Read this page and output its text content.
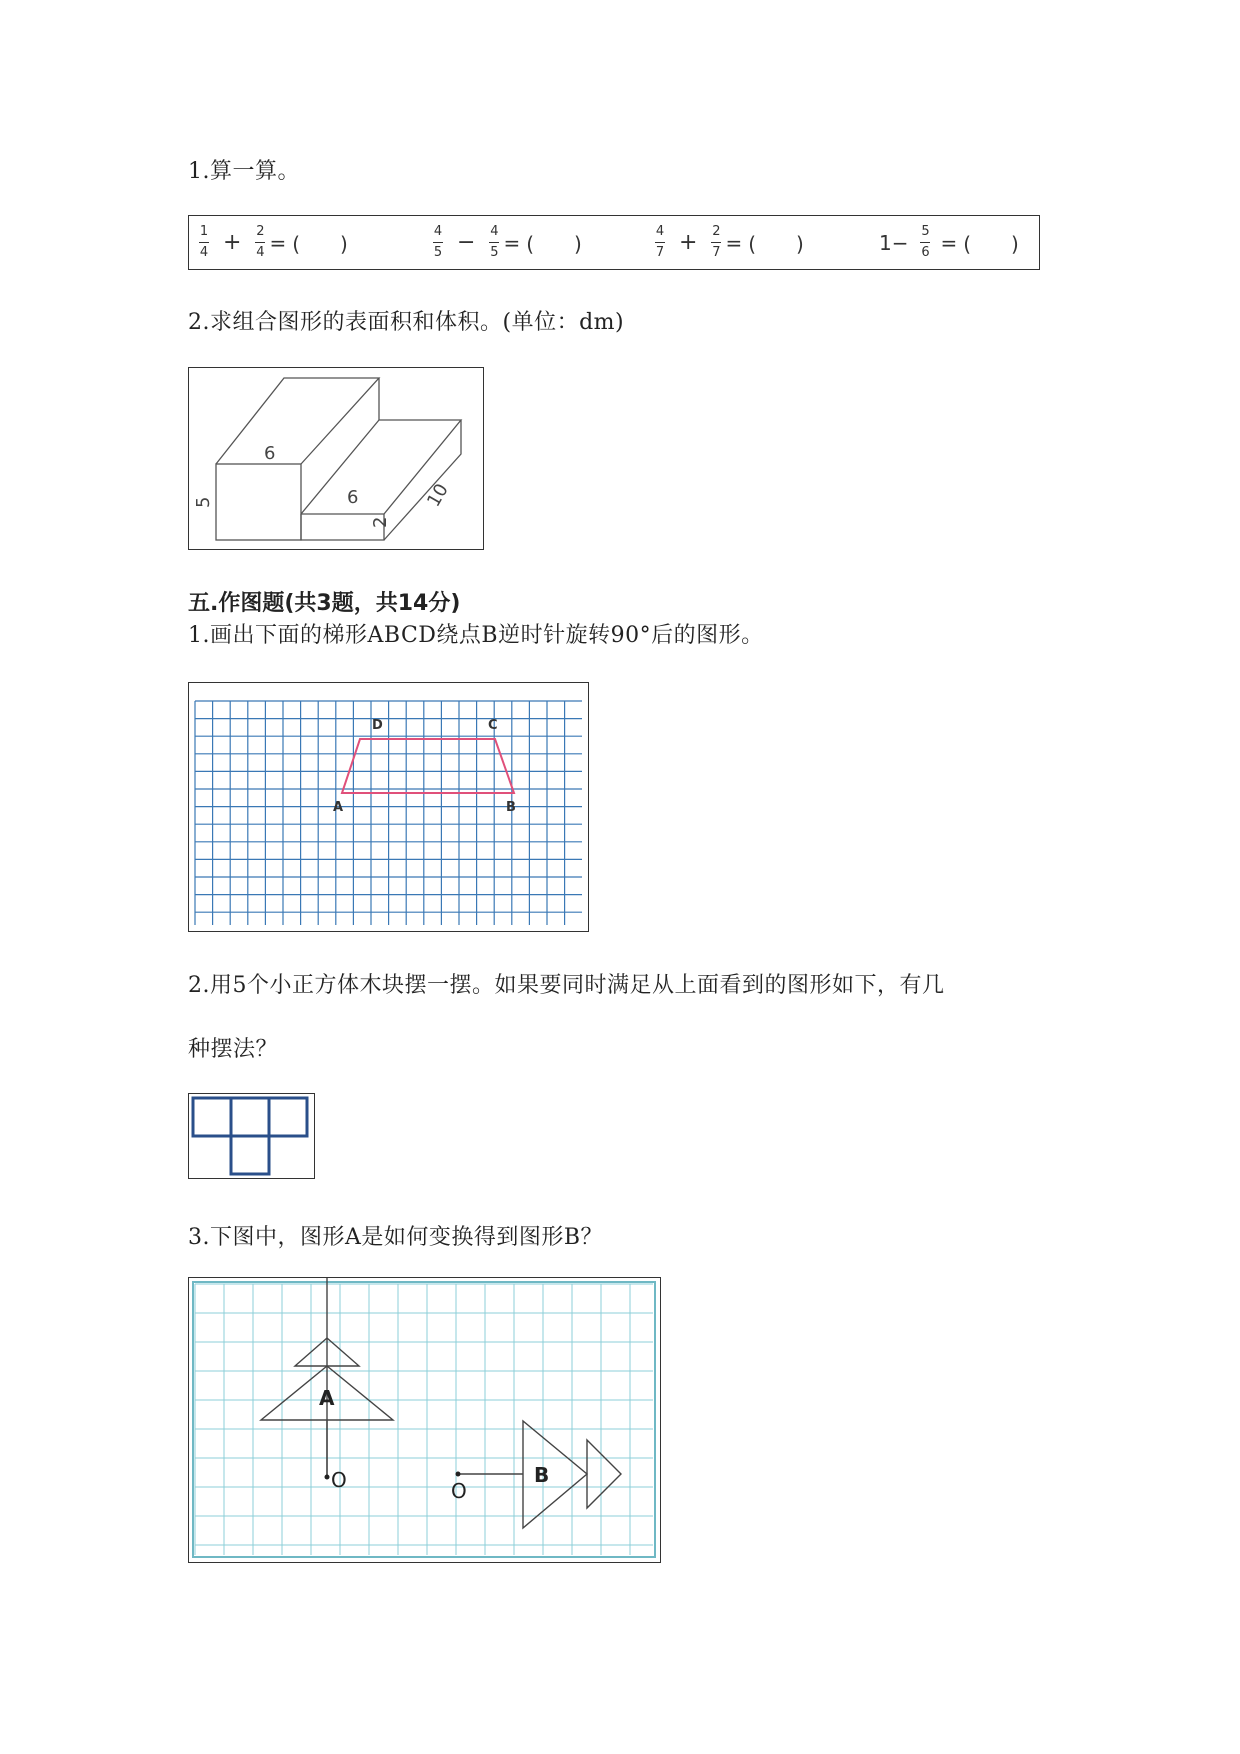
1.算一算。
$\frac{1}{4} + \frac{2}{4}$ = (　　)	$\frac{4}{5} - \frac{4}{5}$ = (　　)	$\frac{4}{7} + \frac{2}{7}$ = (　　)	$1- \frac{5}{6}$ = (　　)
2.求组合图形的表面积和体积。(单位：dm)
6
5	6
2
10
五.作图题(共3题，共14分)
1.画出下面的梯形ABCD绕点B逆时针旋转90°后的图形。
A	B
C
D
2.用5个小正方体木块摆一摆。如果要同时满足从上面看到的图形如下，有几
种摆法？
3.下图中，图形A是如何变换得到图形B？
A
O	B
O
